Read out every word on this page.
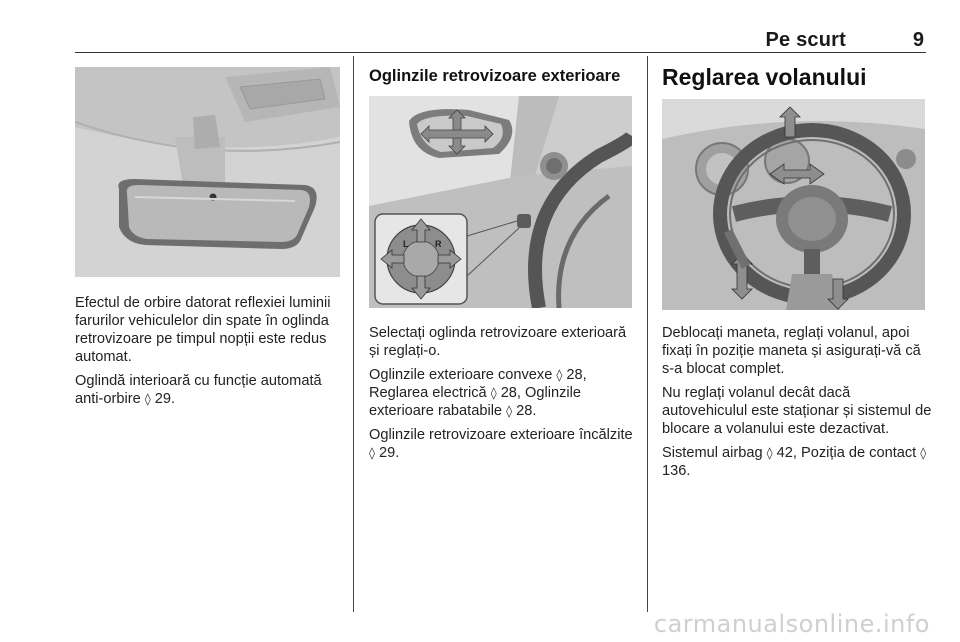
Pe scurt	9

Efectul de orbire datorat reflexiei luminii farurilor vehiculelor din spate în oglinda retrovizoare pe timpul nopții este redus automat.

Oglindă interioară cu funcție automată anti-orbire ◊ 29.

Oglinzile retrovizoare exterioare
L	R

Selectați oglinda retrovizoare exterioară și reglați-o.

Oglinzile exterioare convexe ◊ 28, Reglarea electrică ◊ 28, Oglinzile exterioare rabatabile ◊ 28.

Oglinzile retrovizoare exterioare încălzite ◊ 29.

Reglarea volanului

Deblocați maneta, reglați volanul, apoi fixați în poziție maneta și asigurați-vă că s-a blocat complet.

Nu reglați volanul decât dacă autovehiculul este staționar și sistemul de blocare a volanului este dezactivat.

Sistemul airbag ◊ 42, Poziția de contact ◊ 136.

carmanualsonline.info
